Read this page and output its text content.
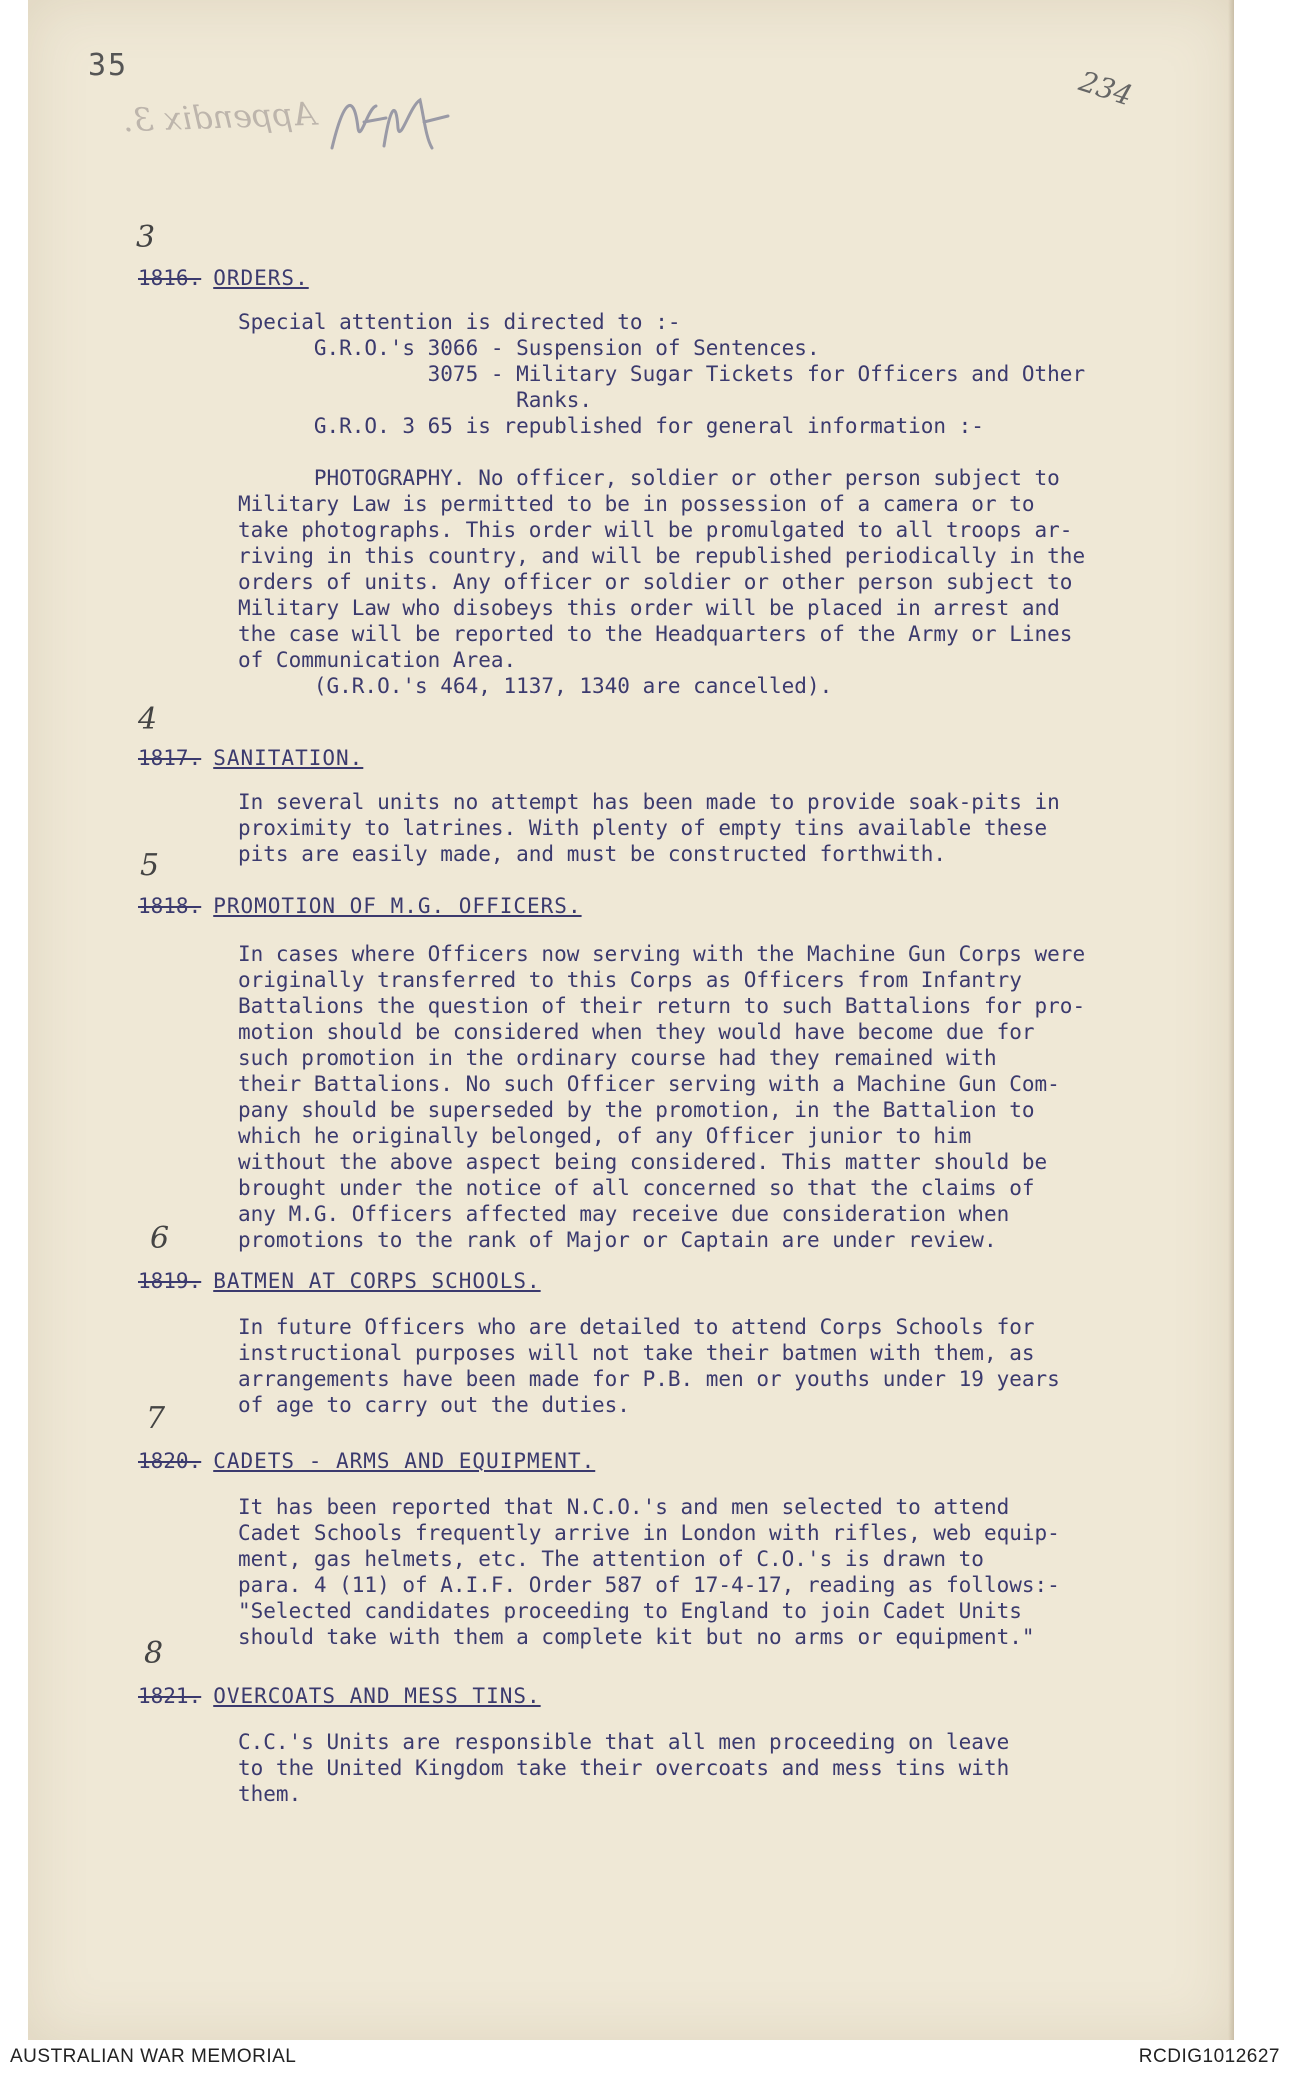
35	234
Appendix 3.
3
1816. ORDERS.
Special attention is directed to :-
G.R.O.'s 3066 - Suspension of Sentences.
3075 - Military Sugar Tickets for Officers and Other
Ranks.
G.R.O. 3 65 is republished for general information :-
PHOTOGRAPHY. No officer, soldier or other person subject to
Military Law is permitted to be in possession of a camera or to
take photographs. This order will be promulgated to all troops ar-
riving in this country, and will be republished periodically in the
orders of units. Any officer or soldier or other person subject to
Military Law who disobeys this order will be placed in arrest and
the case will be reported to the Headquarters of the Army or Lines
of Communication Area.
(G.R.O.'s 464, 1137, 1340 are cancelled).
4
1817. SANITATION.
In several units no attempt has been made to provide soak-pits in
proximity to latrines. With plenty of empty tins available these
pits are easily made, and must be constructed forthwith.
5
1818. PROMOTION OF M.G. OFFICERS.
In cases where Officers now serving with the Machine Gun Corps were
originally transferred to this Corps as Officers from Infantry
Battalions the question of their return to such Battalions for pro-
motion should be considered when they would have become due for
such promotion in the ordinary course had they remained with
their Battalions. No such Officer serving with a Machine Gun Com-
pany should be superseded by the promotion, in the Battalion to
which he originally belonged, of any Officer junior to him
without the above aspect being considered. This matter should be
brought under the notice of all concerned so that the claims of
any M.G. Officers affected may receive due consideration when
promotions to the rank of Major or Captain are under review.
6
1819. BATMEN AT CORPS SCHOOLS.
In future Officers who are detailed to attend Corps Schools for
instructional purposes will not take their batmen with them, as
arrangements have been made for P.B. men or youths under 19 years
of age to carry out the duties.
7
1820. CADETS - ARMS AND EQUIPMENT.
It has been reported that N.C.O.'s and men selected to attend
Cadet Schools frequently arrive in London with rifles, web equip-
ment, gas helmets, etc. The attention of C.O.'s is drawn to
para. 4 (11) of A.I.F. Order 587 of 17-4-17, reading as follows:-
"Selected candidates proceeding to England to join Cadet Units
should take with them a complete kit but no arms or equipment."
8
1821. OVERCOATS AND MESS TINS.
C.C.'s Units are responsible that all men proceeding on leave
to the United Kingdom take their overcoats and mess tins with
them.
AUSTRALIAN WAR MEMORIAL	RCDIG1012627
